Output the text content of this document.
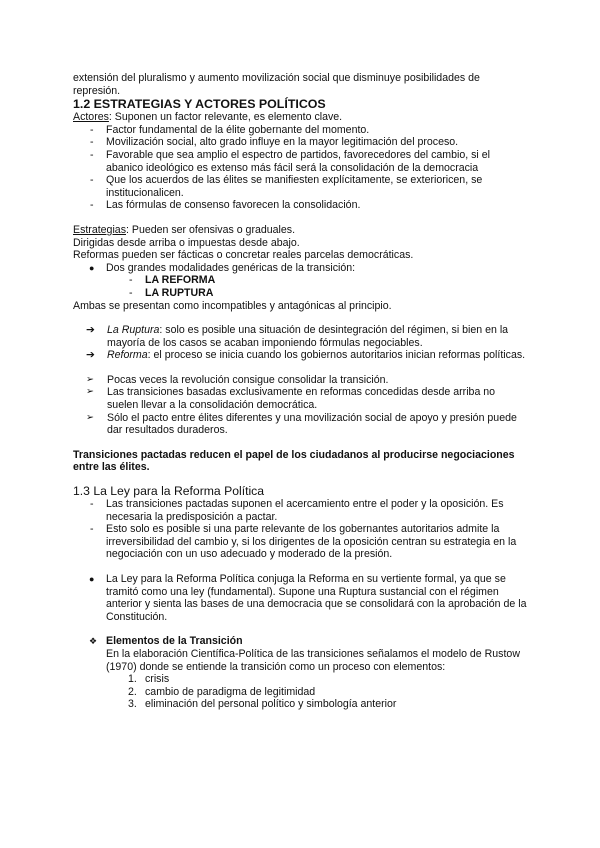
extensión del pluralismo y aumento movilización social que disminuye posibilidades de represión.

1.2 ESTRATEGIAS Y ACTORES POLÍTICOS

Actores: Suponen un factor relevante, es elemento clave.

- Factor fundamental de la élite gobernante del momento.
- Movilización social, alto grado influye en la mayor legitimación del proceso.
- Favorable que sea amplio el espectro de partidos, favorecedores del cambio, si el abanico ideológico es extenso más fácil será la consolidación de la democracia
- Que los acuerdos de las élites se manifiesten explícitamente, se exterioricen, se institucionalicen.
- Las fórmulas de consenso favorecen la consolidación.

Estrategias: Pueden ser ofensivas o graduales.

Dirigidas desde arriba o impuestas desde abajo.

Reformas pueden ser fácticas o concretar reales parcelas democráticas.

● Dos grandes modalidades genéricas de la transición:
- LA REFORMA
- LA RUPTURA

Ambas se presentan como incompatibles y antagónicas al principio.

➔ La Ruptura: solo es posible una situación de desintegración del régimen, si bien en la mayoría de los casos se acaban imponiendo fórmulas negociables.
➔ Reforma: el proceso se inicia cuando los gobiernos autoritarios inician reformas políticas.
➢ Pocas veces la revolución consigue consolidar la transición.
➢ Las transiciones basadas exclusivamente en reformas concedidas desde arriba no suelen llevar a la consolidación democrática.
➢ Sólo el pacto entre élites diferentes y una movilización social de apoyo y presión puede dar resultados duraderos.

Transiciones pactadas reducen el papel de los ciudadanos al producirse negociaciones entre las élites.

1.3 La Ley para la Reforma Política
- Las transiciones pactadas suponen el acercamiento entre el poder y la oposición. Es necesaria la predisposición a pactar.
- Esto solo es posible si una parte relevante de los gobernantes autoritarios admite la irreversibilidad del cambio y, si los dirigentes de la oposición centran su estrategia en la negociación con un uso adecuado y moderado de la presión.
● La Ley para la Reforma Política conjuga la Reforma en su vertiente formal, ya que se tramitó como una ley (fundamental). Supone una Ruptura sustancial con el régimen anterior y sienta las bases de una democracia que se consolidará con la aprobación de la Constitución.
❖ Elementos de la Transición
En la elaboración Científica-Política de las transiciones señalamos el modelo de Rustow (1970) donde se entiende la transición como un proceso con elementos:
1. crisis
2. cambio de paradigma de legitimidad
3. eliminación del personal político y simbología anterior
